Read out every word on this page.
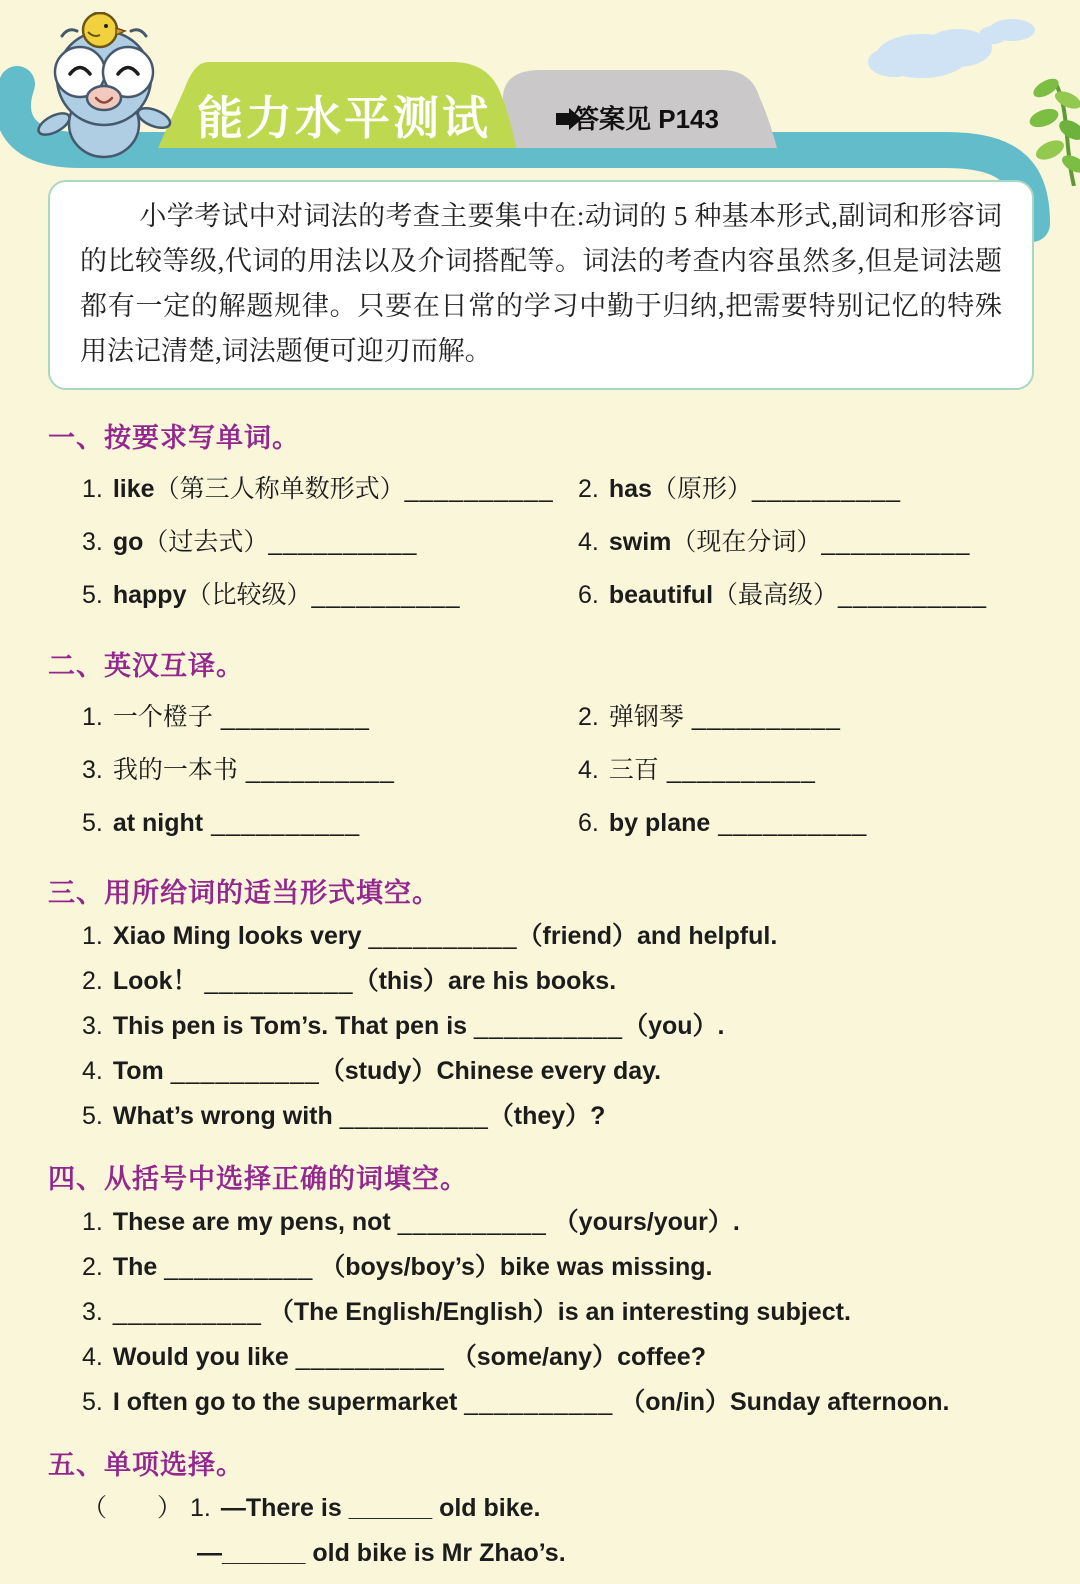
能力水平测试	答案见 P143
小学考试中对词法的考查主要集中在:动词的 5 种基本形式,副词和形容词的比较等级,代词的用法以及介词搭配等。词法的考查内容虽然多,但是词法题都有一定的解题规律。只要在日常的学习中勤于归纳,把需要特别记忆的特殊用法记清楚,词法题便可迎刃而解。
一、按要求写单词。
1. like（第三人称单数形式）__________ 2. has（原形）__________
3. go（过去式）__________	4. swim（现在分词）__________
5. happy（比较级）__________	6. beautiful（最高级）__________
二、英汉互译。
1. 一个橙子 __________	2. 弹钢琴 __________
3. 我的一本书 __________	4. 三百 __________
5. at night __________	6. by plane __________
三、用所给词的适当形式填空。
1. Xiao Ming looks very __________（friend）and helpful.
2. Look！ __________（this）are his books.
3. This pen is Tom’s. That pen is __________（you）.
4. Tom __________（study）Chinese every day.
5. What’s wrong with __________（they）?
四、从括号中选择正确的词填空。
1. These are my pens, not __________ （yours/your）.
2. The __________ （boys/boy’s）bike was missing.
3. __________ （The English/English）is an interesting subject.
4. Would you like __________ （some/any）coffee?
5. I often go to the supermarket __________ （on/in）Sunday afternoon.
五、单项选择。
（　　） 1. —There is ______ old bike.
—______ old bike is Mr Zhao’s.
